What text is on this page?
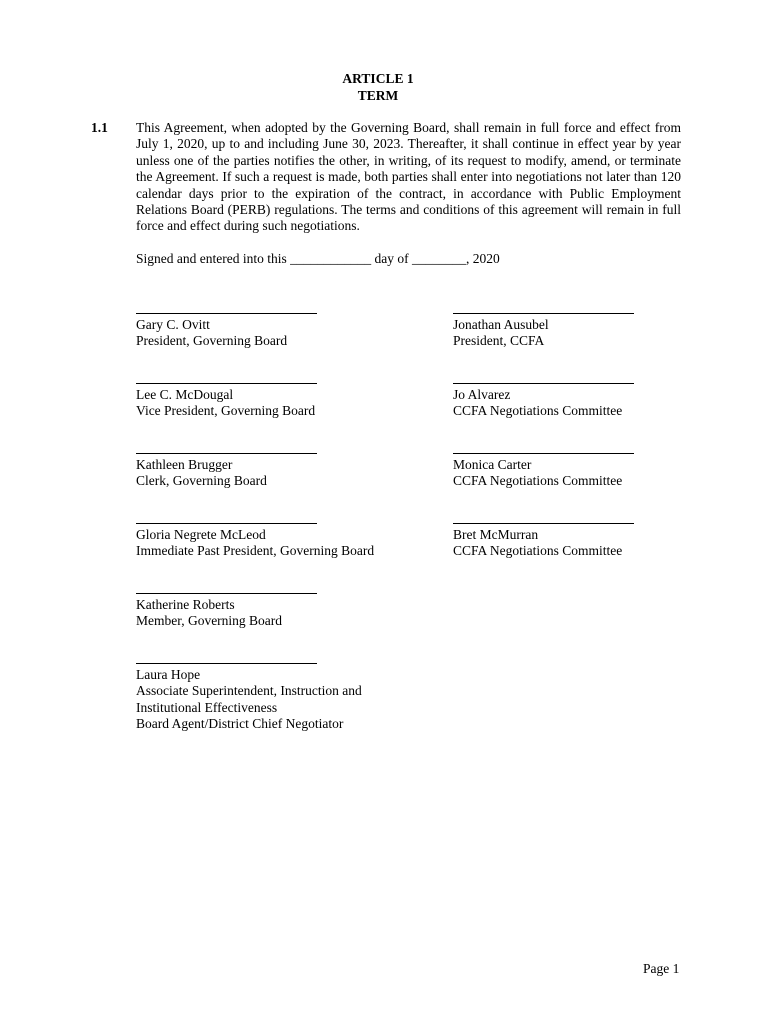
ARTICLE 1
TERM
1.1 This Agreement, when adopted by the Governing Board, shall remain in full force and effect from July 1, 2020, up to and including June 30, 2023. Thereafter, it shall continue in effect year by year unless one of the parties notifies the other, in writing, of its request to modify, amend, or terminate the Agreement. If such a request is made, both parties shall enter into negotiations not later than 120 calendar days prior to the expiration of the contract, in accordance with Public Employment Relations Board (PERB) regulations. The terms and conditions of this agreement will remain in full force and effect during such negotiations.

Signed and entered into this ____________ day of ________, 2020
Gary C. Ovitt
President, Governing Board
Lee C. McDougal
Vice President, Governing Board
Kathleen Brugger
Clerk, Governing Board
Gloria Negrete McLeod
Immediate Past President, Governing Board
Katherine Roberts
Member, Governing Board
Laura Hope
Associate Superintendent, Instruction and
Institutional Effectiveness
Board Agent/District Chief Negotiator
Jonathan Ausubel
President, CCFA
Jo Alvarez
CCFA Negotiations Committee
Monica Carter
CCFA Negotiations Committee
Bret McMurran
CCFA Negotiations Committee
Page 1
